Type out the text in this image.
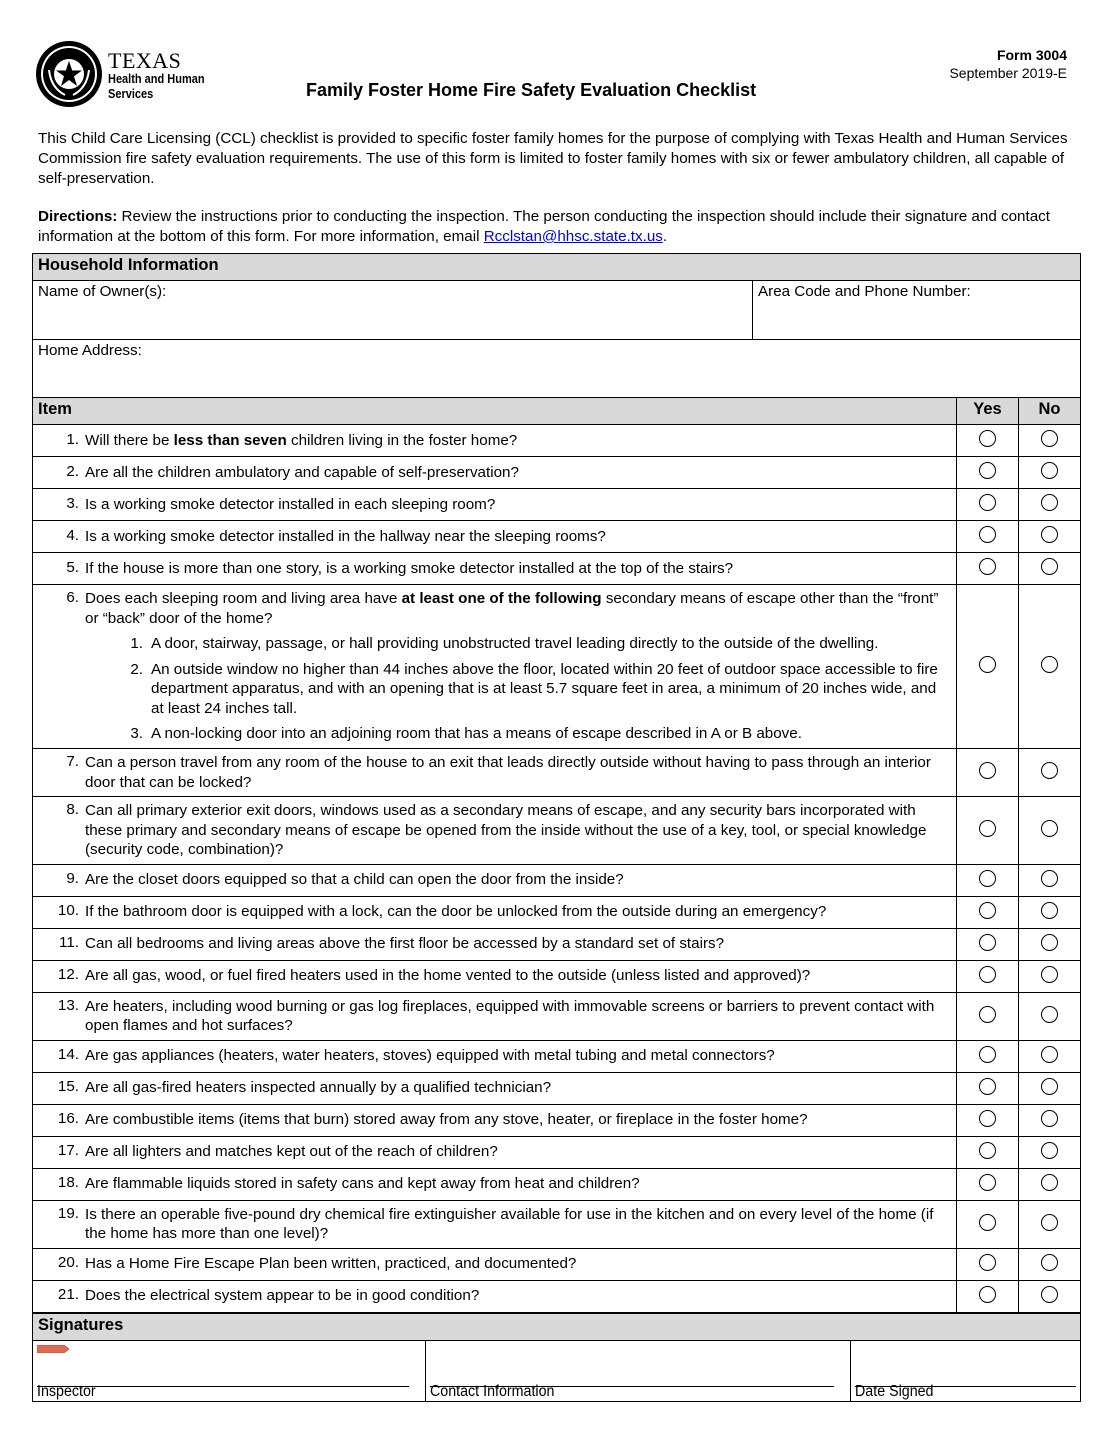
TEXAS
Health and Human
Services
Form 3004
September 2019-E
Family Foster Home Fire Safety Evaluation Checklist
This Child Care Licensing (CCL) checklist is provided to specific foster family homes for the purpose of complying with Texas Health and Human Services Commission fire safety evaluation requirements. The use of this form is limited to foster family homes with six or fewer ambulatory children, all capable of self-preservation.
Directions: Review the instructions prior to conducting the inspection. The person conducting the inspection should include their signature and contact information at the bottom of this form. For more information, email Rcclstan@hhsc.state.tx.us.
Household Information

Name of Owner(s):	Area Code and Phone Number:

Home Address:
Item	Yes	No

1. Will there be less than seven children living in the foster home?		

2. Are all the children ambulatory and capable of self-preservation?		

3. Is a working smoke detector installed in each sleeping room?		

4. Is a working smoke detector installed in the hallway near the sleeping rooms?		

5. If the house is more than one story, is a working smoke detector installed at the top of the stairs?		

6. Does each sleeping room and living area have at least one of the following secondary means of escape other than the “front” or “back” door of the home?
1. A door, stairway, passage, or hall providing unobstructed travel leading directly to the outside of the dwelling.
2. An outside window no higher than 44 inches above the floor, located within 20 feet of outdoor space accessible to fire department apparatus, and with an opening that is at least 5.7 square feet in area, a minimum of 20 inches wide, and at least 24 inches tall.
3. A non-locking door into an adjoining room that has a means of escape described in A or B above.

7. Can a person travel from any room of the house to an exit that leads directly outside without having to pass through an interior door that can be locked?		

8. Can all primary exterior exit doors, windows used as a secondary means of escape, and any security bars incorporated with these primary and secondary means of escape be opened from the inside without the use of a key, tool, or special knowledge (security code, combination)?		

9. Are the closet doors equipped so that a child can open the door from the inside?		

10. If the bathroom door is equipped with a lock, can the door be unlocked from the outside during an emergency?		

11. Can all bedrooms and living areas above the first floor be accessed by a standard set of stairs?		

12. Are all gas, wood, or fuel fired heaters used in the home vented to the outside (unless listed and approved)?		

13. Are heaters, including wood burning or gas log fireplaces, equipped with immovable screens or barriers to prevent contact with open flames and hot surfaces?		

14. Are gas appliances (heaters, water heaters, stoves) equipped with metal tubing and metal connectors?		

15. Are all gas-fired heaters inspected annually by a qualified technician?		

16. Are combustible items (items that burn) stored away from any stove, heater, or fireplace in the foster home?		

17. Are all lighters and matches kept out of the reach of children?		

18. Are flammable liquids stored in safety cans and kept away from heat and children?		

19. Is there an operable five-pound dry chemical fire extinguisher available for use in the kitchen and on every level of the home (if the home has more than one level)?		

20. Has a Home Fire Escape Plan been written, practiced, and documented?		

21. Does the electrical system appear to be in good condition?		

Signatures

Inspector	Contact Information	Date Signed
